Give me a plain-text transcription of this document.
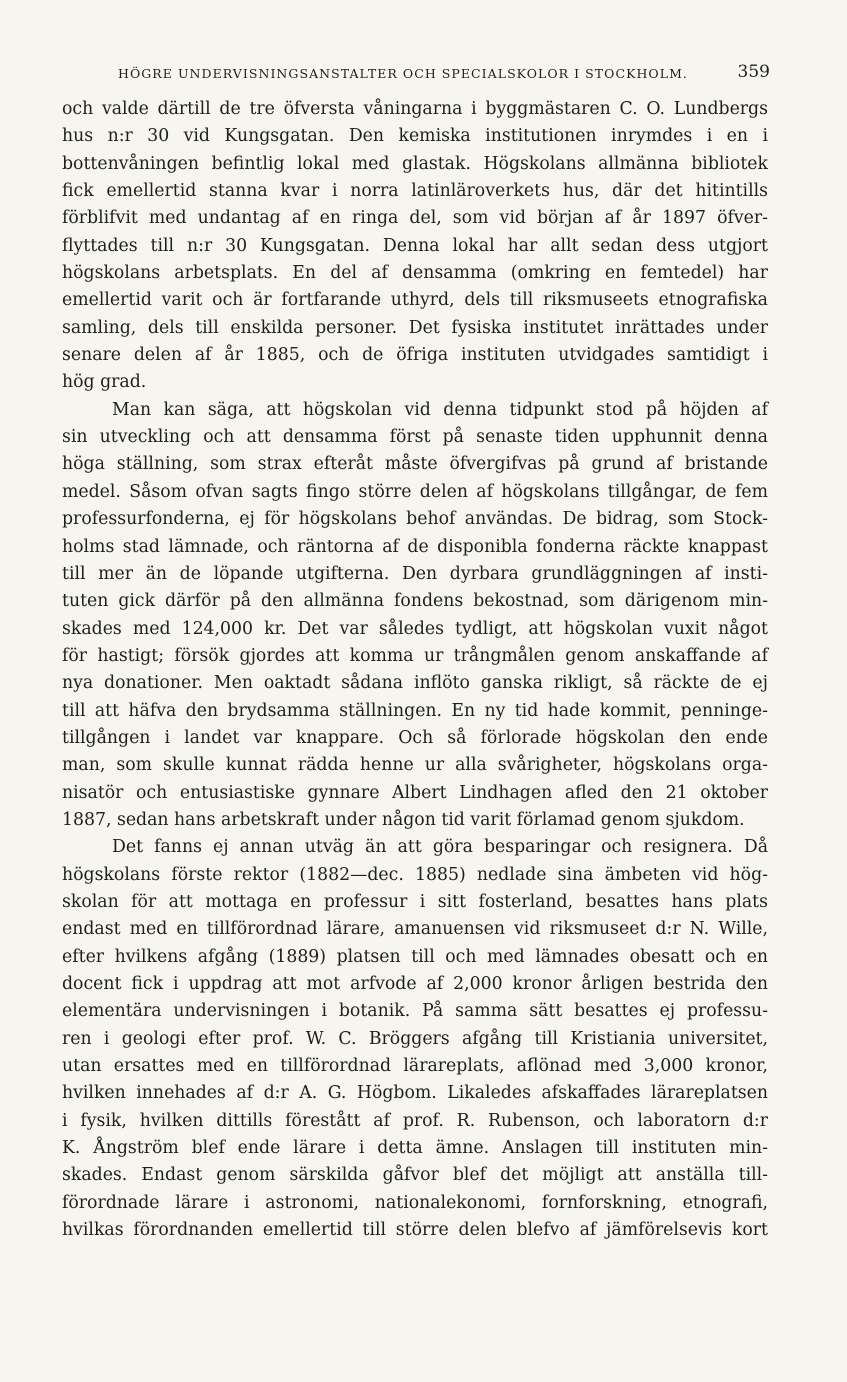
HÖGRE UNDERVISNINGSANSTALTER OCH SPECIALSKOLOR I STOCKHOLM.	359
och valde därtill de tre öfversta våningarna i byggmästaren C. O. Lundbergs
hus n:r 30 vid Kungsgatan. Den kemiska institutionen inrymdes i en i
bottenvåningen befintlig lokal med glastak. Högskolans allmänna bibliotek
fick emellertid stanna kvar i norra latinläroverkets hus, där det hitintills
förblifvit med undantag af en ringa del, som vid början af år 1897 öfver-
flyttades till n:r 30 Kungsgatan. Denna lokal har allt sedan dess utgjort
högskolans arbetsplats. En del af densamma (omkring en femtedel) har
emellertid varit och är fortfarande uthyrd, dels till riksmuseets etnografiska
samling, dels till enskilda personer. Det fysiska institutet inrättades under
senare delen af år 1885, och de öfriga instituten utvidgades samtidigt i
hög grad.
Man kan säga, att högskolan vid denna tidpunkt stod på höjden af
sin utveckling och att densamma först på senaste tiden upphunnit denna
höga ställning, som strax efteråt måste öfvergifvas på grund af bristande
medel. Såsom ofvan sagts fingo större delen af högskolans tillgångar, de fem
professurfonderna, ej för högskolans behof användas. De bidrag, som Stock-
holms stad lämnade, och räntorna af de disponibla fonderna räckte knappast
till mer än de löpande utgifterna. Den dyrbara grundläggningen af insti-
tuten gick därför på den allmänna fondens bekostnad, som därigenom min-
skades med 124,000 kr. Det var således tydligt, att högskolan vuxit något
för hastigt; försök gjordes att komma ur trångmålen genom anskaffande af
nya donationer. Men oaktadt sådana inflöto ganska rikligt, så räckte de ej
till att häfva den brydsamma ställningen. En ny tid hade kommit, penninge-
tillgången i landet var knappare. Och så förlorade högskolan den ende
man, som skulle kunnat rädda henne ur alla svårigheter, högskolans orga-
nisatör och entusiastiske gynnare Albert Lindhagen afled den 21 oktober
1887, sedan hans arbetskraft under någon tid varit förlamad genom sjukdom.
Det fanns ej annan utväg än att göra besparingar och resignera. Då
högskolans förste rektor (1882—dec. 1885) nedlade sina ämbeten vid hög-
skolan för att mottaga en professur i sitt fosterland, besattes hans plats
endast med en tillförordnad lärare, amanuensen vid riksmuseet d:r N. Wille,
efter hvilkens afgång (1889) platsen till och med lämnades obesatt och en
docent fick i uppdrag att mot arfvode af 2,000 kronor årligen bestrida den
elementära undervisningen i botanik. På samma sätt besattes ej professu-
ren i geologi efter prof. W. C. Bröggers afgång till Kristiania universitet,
utan ersattes med en tillförordnad lärareplats, aflönad med 3,000 kronor,
hvilken innehades af d:r A. G. Högbom. Likaledes afskaffades lärareplatsen
i fysik, hvilken dittills förestått af prof. R. Rubenson, och laboratorn d:r
K. Ångström blef ende lärare i detta ämne. Anslagen till instituten min-
skades. Endast genom särskilda gåfvor blef det möjligt att anställa till-
förordnade lärare i astronomi, nationalekonomi, fornforskning, etnografi,
hvilkas förordnanden emellertid till större delen blefvo af jämförelsevis kort
